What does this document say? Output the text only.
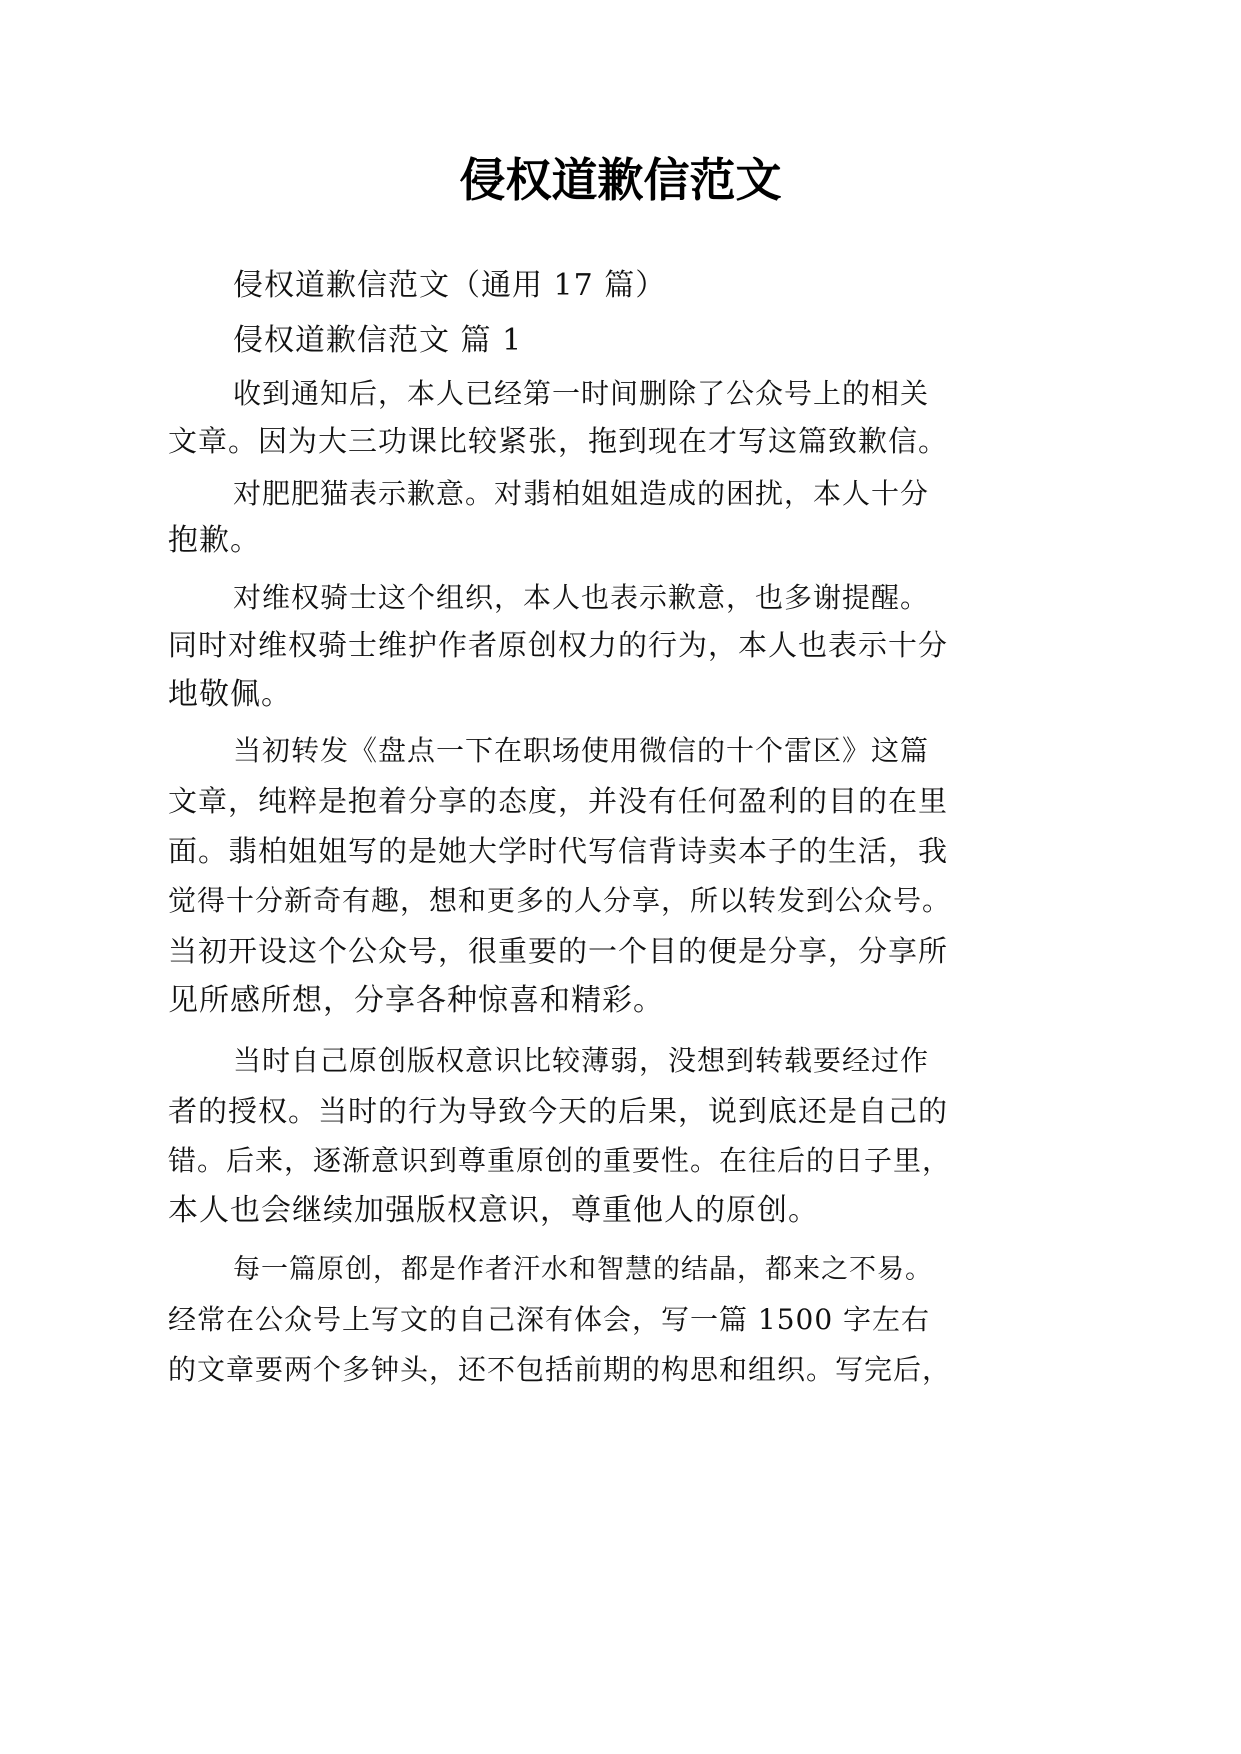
侵权道歉信范文
侵权道歉信范文（通用 17 篇）
侵权道歉信范文 篇 1
收到通知后，本人已经第一时间删除了公众号上的相关
文章。因为大三功课比较紧张，拖到现在才写这篇致歉信。
对肥肥猫表示歉意。对翡柏姐姐造成的困扰，本人十分
抱歉。
对维权骑士这个组织，本人也表示歉意，也多谢提醒。
同时对维权骑士维护作者原创权力的行为，本人也表示十分
地敬佩。
当初转发《盘点一下在职场使用微信的十个雷区》这篇
文章，纯粹是抱着分享的态度，并没有任何盈利的目的在里
面。翡柏姐姐写的是她大学时代写信背诗卖本子的生活，我
觉得十分新奇有趣，想和更多的人分享，所以转发到公众号。
当初开设这个公众号，很重要的一个目的便是分享，分享所
见所感所想，分享各种惊喜和精彩。
当时自己原创版权意识比较薄弱，没想到转载要经过作
者的授权。当时的行为导致今天的后果，说到底还是自己的
错。后来，逐渐意识到尊重原创的重要性。在往后的日子里，
本人也会继续加强版权意识，尊重他人的原创。
每一篇原创，都是作者汗水和智慧的结晶，都来之不易。
经常在公众号上写文的自己深有体会，写一篇 1500 字左右
的文章要两个多钟头，还不包括前期的构思和组织。写完后，
